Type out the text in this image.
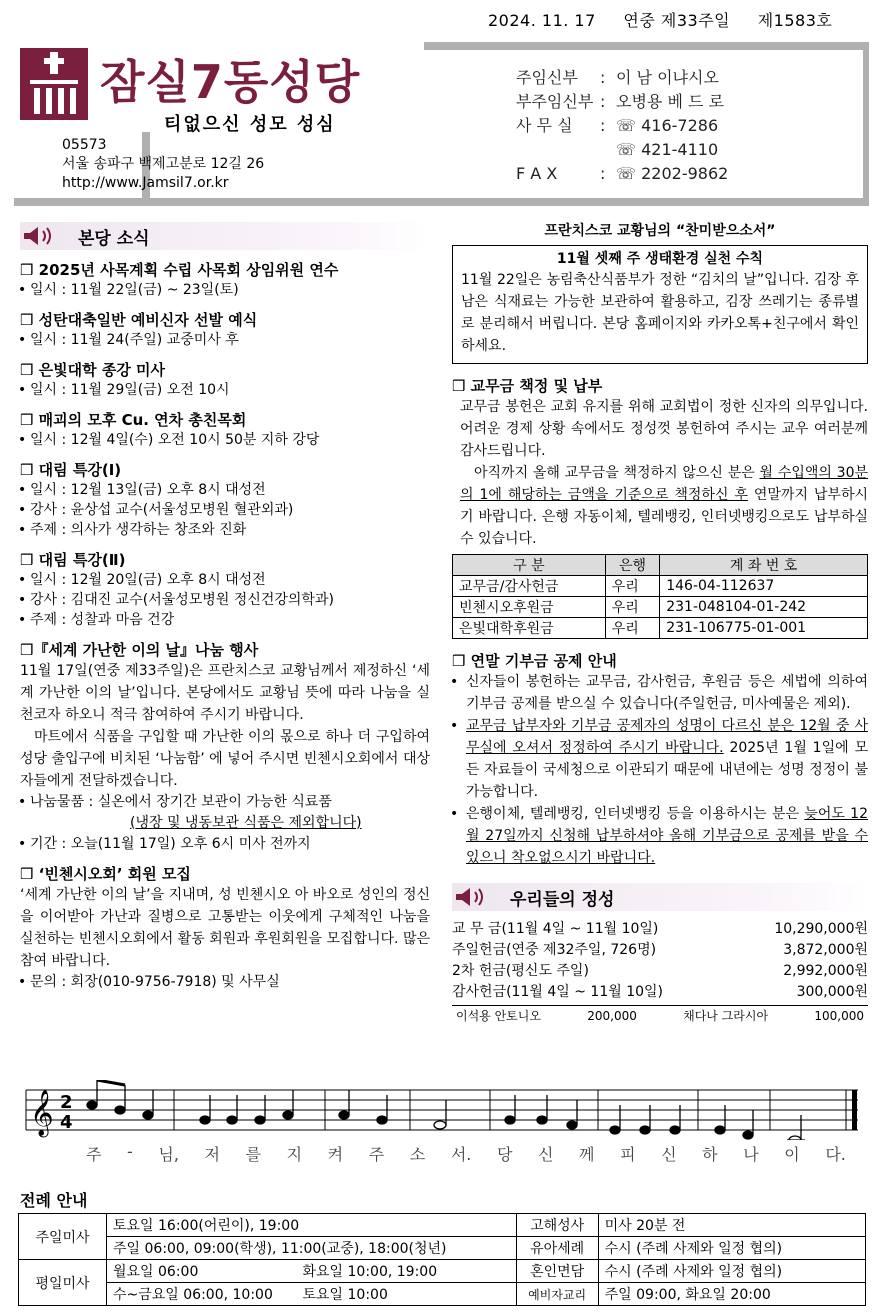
2024. 11. 17 연중 제33주일 제1583호
잠실7동성당
티없으신 성모 성심
05573
서울 송파구 백제고분로 12길 26
http://www.Jamsil7.or.kr
주임신부	: 이 남 이냐시오
부주임신부 : 오병용 베 드 로
사 무 실	: ☏ 416-7286
☏ 421-4110
F A X	: ☏ 2202-9862
본당 소식
❒ 2025년 사목계획 수립 사목회 상임위원 연수
• 일시 : 11월 22일(금) ~ 23일(토)
❒ 성탄대축일반 예비신자 선발 예식
• 일시 : 11월 24(주일) 교중미사 후
❒ 은빛대학 종강 미사
• 일시 : 11월 29일(금) 오전 10시
❒ 매괴의 모후 Cu. 연차 총친목회
• 일시 : 12월 4일(수) 오전 10시 50분 지하 강당
❒ 대림 특강(Ⅰ)
• 일시 : 12월 13일(금) 오후 8시 대성전
• 강사 : 윤상섭 교수(서울성모병원 혈관외과)
• 주제 : 의사가 생각하는 창조와 진화
❒ 대림 특강(Ⅱ)
• 일시 : 12월 20일(금) 오후 8시 대성전
• 강사 : 김대진 교수(서울성모병원 정신건강의학과)
• 주제 : 성찰과 마음 건강
❒『세계 가난한 이의 날』나눔 행사
11월 17일(연중 제33주일)은 프란치스코 교황님께서 제정하신 ‘세계 가난한 이의 날’입니다. 본당에서도 교황님 뜻에 따라 나눔을 실천코자 하오니 적극 참여하여 주시기 바랍니다.
마트에서 식품을 구입할 때 가난한 이의 몫으로 하나 더 구입하여 성당 출입구에 비치된 ‘나눔함’ 에 넣어 주시면 빈첸시오회에서 대상자들에게 전달하겠습니다.
• 나눔물품 : 실온에서 장기간 보관이 가능한 식료품
(냉장 및 냉동보관 식품은 제외합니다)
• 기간 : 오늘(11월 17일) 오후 6시 미사 전까지
❒ ‘빈첸시오회’ 회원 모집
‘세계 가난한 이의 날’을 지내며, 성 빈첸시오 아 바오로 성인의 정신을 이어받아 가난과 질병으로 고통받는 이웃에게 구체적인 나눔을 실천하는 빈첸시오회에서 활동 회원과 후원회원을 모집합니다. 많은 참여 바랍니다.
• 문의 : 회장(010-9756-7918) 및 사무실
프란치스코 교황님의 “찬미받으소서”
11월 셋째 주 생태환경 실천 수칙
11월 22일은 농림축산식품부가 정한 “김치의 날”입니다. 김장 후 남은 식재료는 가능한 보관하여 활용하고, 김장 쓰레기는 종류별로 분리해서 버립니다. 본당 홈페이지와 카카오톡+친구에서 확인하세요.
❒ 교무금 책정 및 납부
교무금 봉헌은 교회 유지를 위해 교회법이 정한 신자의 의무입니다. 어려운 경제 상황 속에서도 정성껏 봉헌하여 주시는 교우 여러분께 감사드립니다.
아직까지 올해 교무금을 책정하지 않으신 분은 월 수입액의 30분의 1에 해당하는 금액을 기준으로 책정하신 후 연말까지 납부하시기 바랍니다. 은행 자동이체, 텔레뱅킹, 인터넷뱅킹으로도 납부하실 수 있습니다.
구 분	은행	계 좌 번 호
교무금/감사헌금	우리	146-04-112637
빈첸시오후원금	우리	231-048104-01-242
은빛대학후원금	우리	231-106775-01-001
❒ 연말 기부금 공제 안내
• 신자들이 봉헌하는 교무금, 감사헌금, 후원금 등은 세법에 의하여 기부금 공제를 받으실 수 있습니다(주일헌금, 미사예물은 제외).
• 교무금 납부자와 기부금 공제자의 성명이 다르신 분은 12월 중 사무실에 오셔서 정정하여 주시기 바랍니다. 2025년 1월 1일에 모든 자료들이 국세청으로 이관되기 때문에 내년에는 성명 정정이 불가능합니다.
• 은행이체, 텔레뱅킹, 인터넷뱅킹 등을 이용하시는 분은 늦어도 12월 27일까지 신청해 납부하셔야 올해 기부금으로 공제를 받을 수 있으니 착오없으시기 바랍니다.
우리들의 정성
교 무 금(11월 4일 ~ 11월 10일)	10,290,000원
주일헌금(연중 제32주일, 726명)	3,872,000원
2차 헌금(평신도 주일)	2,992,000원
감사헌금(11월 4일 ~ 11월 10일)	300,000원
이석용 안토니오	200,000	채다나 그라시아	100,000
𝄞 2
4
주 - 님, 저 를 지 켜 주 소 서. 당 신 께 피 신 하 나 이 다.
전례 안내
주일미사	토요일 16:00(어린이), 19:00		고해성사	미사 20분 전
	주일 06:00, 09:00(학생), 11:00(교중), 18:00(청년)		유아세례	수시 (주례 사제와 일정 협의)
평일미사	월요일 06:00	화요일 10:00, 19:00	혼인면담	수시 (주례 사제와 일정 협의)
	수~금요일 06:00, 10:00	토요일 10:00	예비자교리	주일 09:00, 화요일 20:00
